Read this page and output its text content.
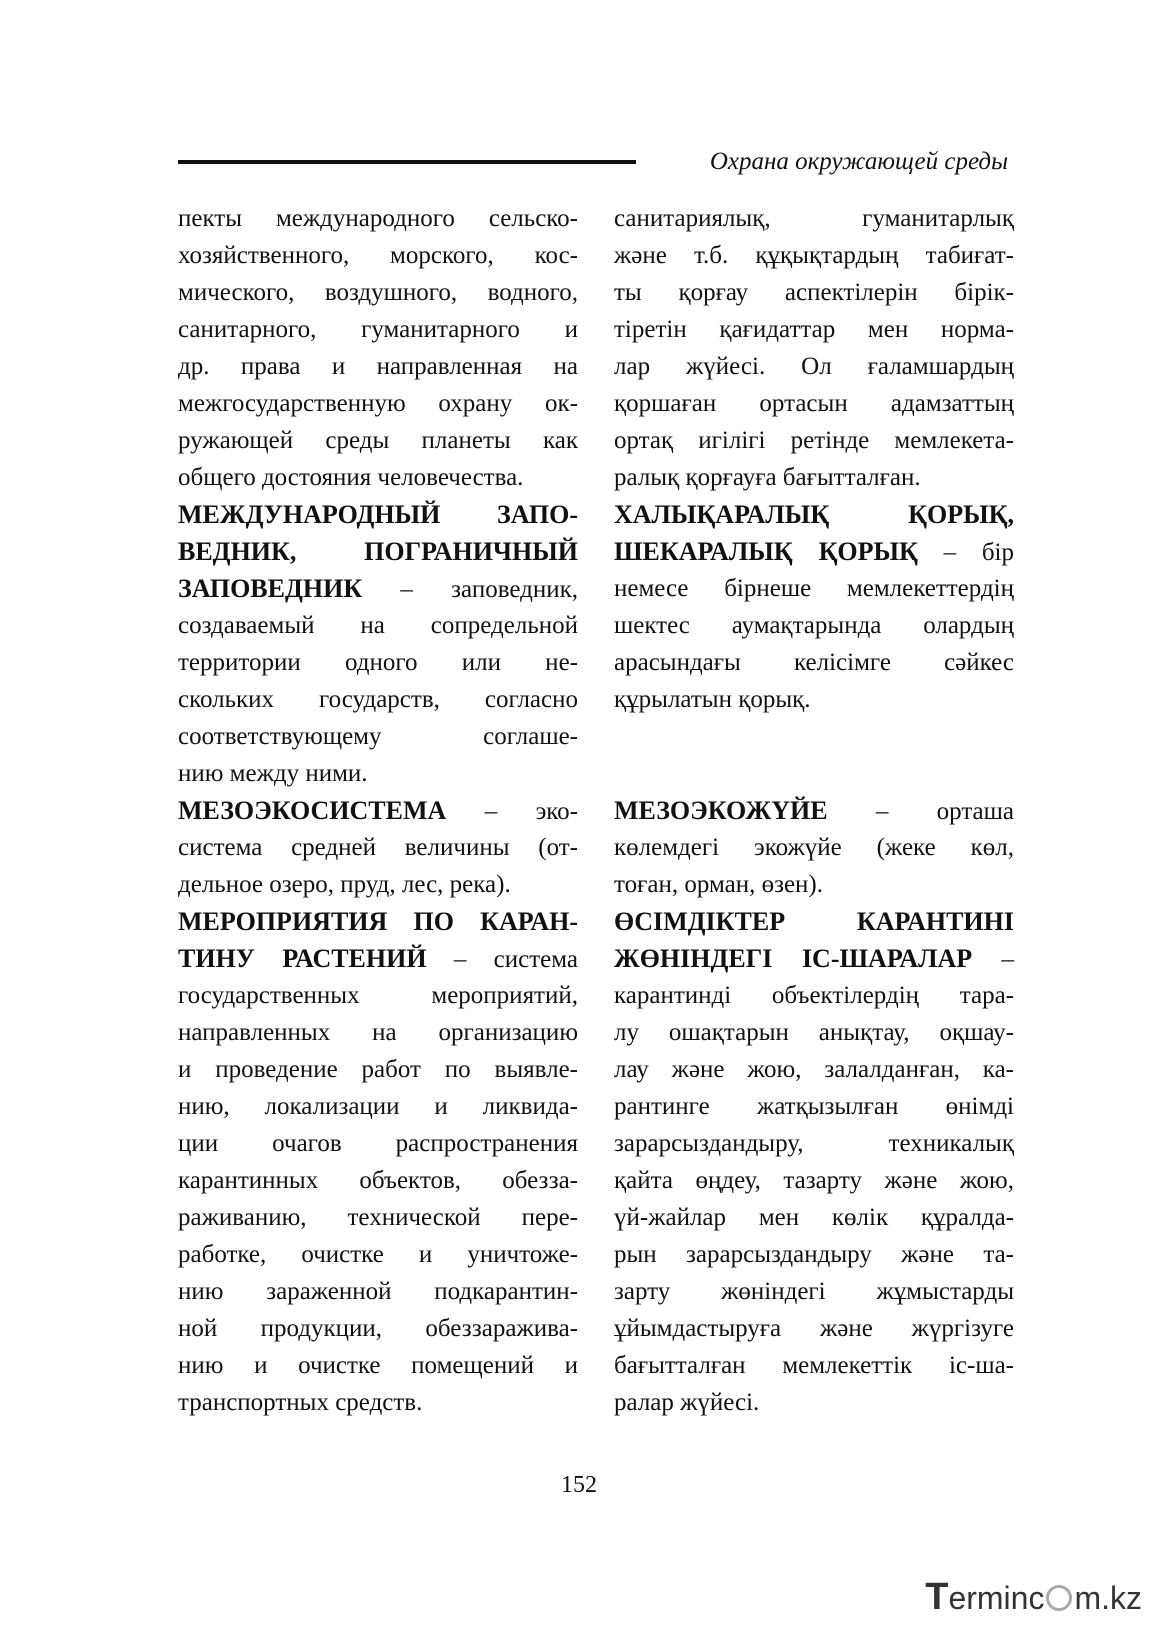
Охрана окружающей среды
пекты международного сельско-
хозяйственного, морского, кос-
мического, воздушного, водного,
санитарного, гуманитарного и
др. права и направленная на
межгосударственную охрану ок-
ружающей среды планеты как
общего достояния человечества.
МЕЖДУНАРОДНЫЙ ЗАПО-
ВЕДНИК, ПОГРАНИЧНЫЙ
ЗАПОВЕДНИК – заповедник,
создаваемый на сопредельной
территории одного или не-
скольких государств, согласно
соответствующему соглаше-
нию между ними.
МЕЗОЭКОСИСТЕМА – эко-
система средней величины (от-
дельное озеро, пруд, лес, река).
МЕРОПРИЯТИЯ ПО КАРАН-
ТИНУ РАСТЕНИЙ – система
государственных мероприятий,
направленных на организацию
и проведение работ по выявле-
нию, локализации и ликвида-
ции очагов распространения
карантинных объектов, обезза-
раживанию, технической пере-
работке, очистке и уничтоже-
нию зараженной подкарантин-
ной продукции, обеззаражива-
нию и очистке помещений и
транспортных средств.
санитариялық, гуманитарлық
және т.б. құқықтардың табиғат-
ты қорғау аспектілерін бірік-
тіретін қағидаттар мен норма-
лар жүйесі. Ол ғаламшардың
қоршаған ортасын адамзаттың
ортақ игілігі ретінде мемлекета-
ралық қорғауға бағытталған.
ХАЛЫҚАРАЛЫҚ ҚОРЫҚ,
ШЕКАРАЛЫҚ ҚОРЫҚ – бір
немесе бірнеше мемлекеттердің
шектес аумақтарында олардың
арасындағы келісімге сәйкес
құрылатын қорық.
МЕЗОЭКОЖҮЙЕ – орташа
көлемдегі экожүйе (жеке көл,
тоған, орман, өзен).
ӨСІМДІКТЕР КАРАНТИНІ
ЖӨНІНДЕГІ ІС-ШАРАЛАР –
карантинді объектілердің тара-
лу ошақтарын анықтау, оқшау-
лау және жою, залалданған, ка-
рантинге жатқызылған өнімді
зарарсыздандыру, техникалық
қайта өңдеу, тазарту және жою,
үй-жайлар мен көлік құралда-
рын зарарсыздандыру және та-
зарту жөніндегі жұмыстарды
ұйымдастыруға және жүргізуге
бағытталған мемлекеттік іс-ша-
ралар жүйесі.
152
T erminc m.kz
